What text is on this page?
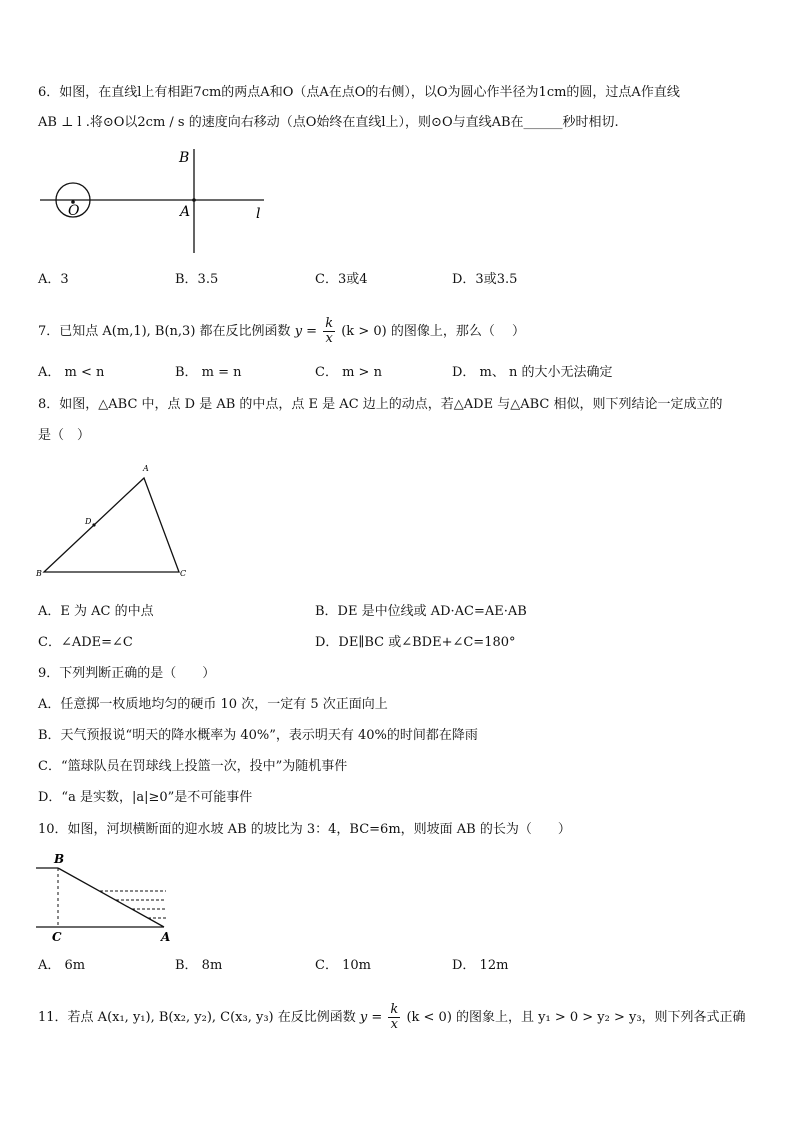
6．如图，在直线l上有相距7cm的两点A和O（点A在点O的右侧），以O为圆心作半径为1cm的圆，过点A作直线
AB ⊥ l .将⊙O以2cm / s 的速度向右移动（点O始终在直线l上），则⊙O与直线AB在______秒时相切.
B
O	A	l
A．3	B．3.5	C．3或4	D．3或3.5
7．已知点 A(m,1), B(n,3) 都在反比例函数 $y = \frac{k}{x} (k > 0)$ 的图像上，那么（　 ）
A． m < n	B． m = n	C． m > n	D． m、 n 的大小无法确定
8．如图，△ABC 中，点 D 是 AB 的中点，点 E 是 AC 边上的动点，若△ADE 与△ABC 相似，则下列结论一定成立的
是（　）
A
D
B	C
A．E 为 AC 的中点	B．DE 是中位线或 AD·AC=AE·AB
C．∠ADE=∠C	D．DE∥BC 或∠BDE+∠C=180°
9．下列判断正确的是（　　）
A．任意掷一枚质地均匀的硬币 10 次，一定有 5 次正面向上
B．天气预报说“明天的降水概率为 40%”，表示明天有 40%的时间都在降雨
C．“篮球队员在罚球线上投篮一次，投中”为随机事件
D．“a 是实数，|a|≥0”是不可能事件
10．如图，河坝横断面的迎水坡 AB 的坡比为 3：4，BC=6m，则坡面 AB 的长为（　　）
B
C	A
A． 6m	B． 8m	C． 10m	D． 12m
11．若点 A(x₁, y₁), B(x₂, y₂), C(x₃, y₃) 在反比例函数 $y = \frac{k}{x} (k < 0)$ 的图象上，且 y₁ > 0 > y₂ > y₃，则下列各式正确
